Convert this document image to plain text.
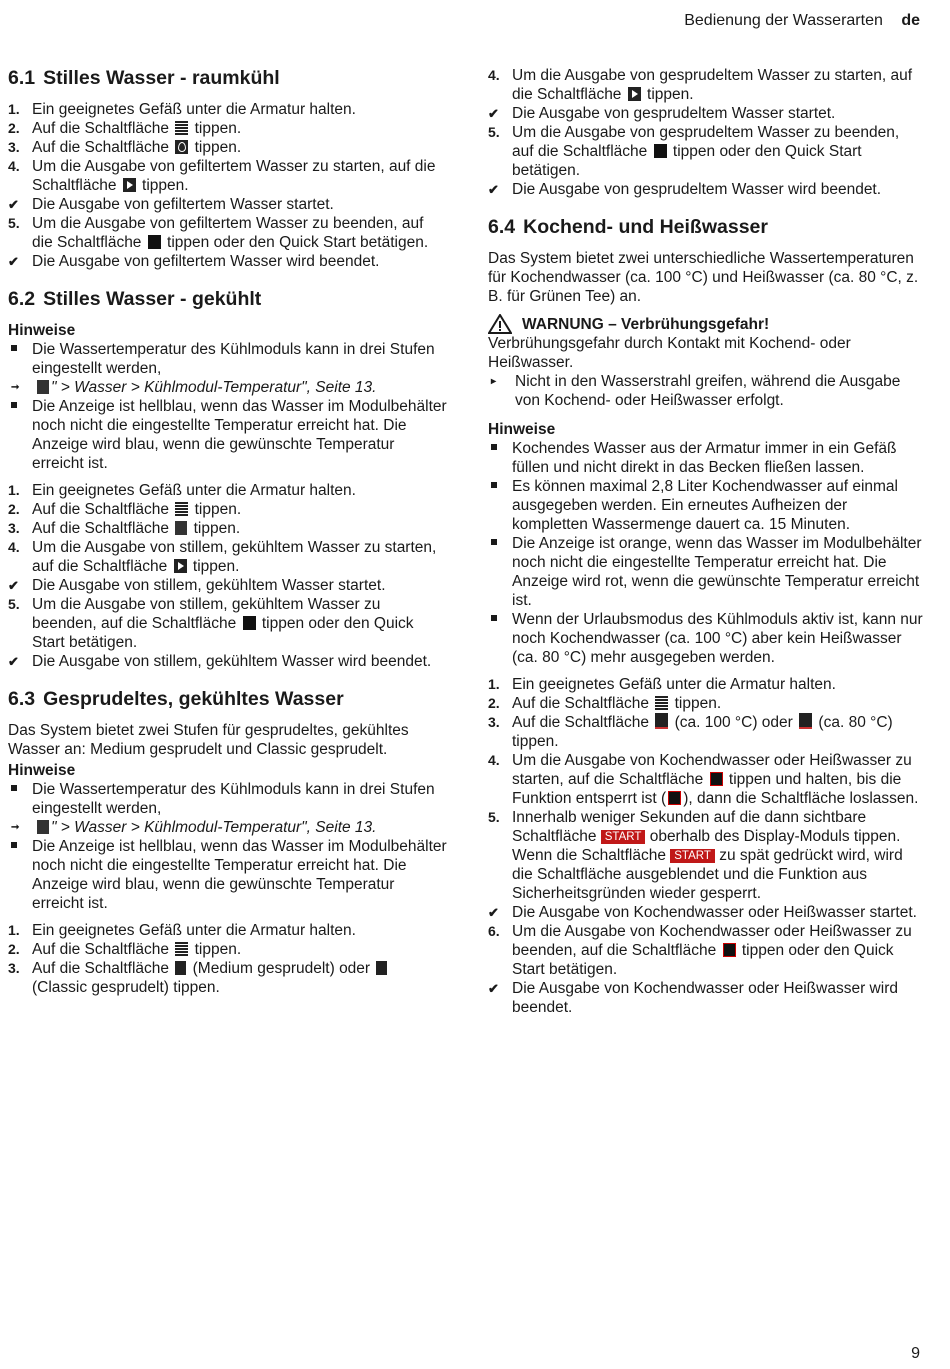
Bedienung der Wasserarten de
6.1 Stilles Wasser - raumkühl
1. Ein geeignetes Gefäß unter die Armatur halten.
2. Auf die Schaltfläche  tippen.
3. Auf die Schaltfläche  tippen.
4. Um die Ausgabe von gefiltertem Wasser zu starten, auf die Schaltfläche  tippen.
✔ Die Ausgabe von gefiltertem Wasser startet.
5. Um die Ausgabe von gefiltertem Wasser zu beenden, auf die Schaltfläche  tippen oder den Quick Start betätigen.
✔ Die Ausgabe von gefiltertem Wasser wird beendet.
6.2 Stilles Wasser - gekühlt
Hinweise
Die Wassertemperatur des Kühlmoduls kann in drei Stufen eingestellt werden,
➞	" > Wasser > Kühlmodul-Temperatur", Seite 13.
Die Anzeige ist hellblau, wenn das Wasser im Modulbehälter noch nicht die eingestellte Temperatur erreicht hat. Die Anzeige wird blau, wenn die gewünschte Temperatur erreicht ist.
1. Ein geeignetes Gefäß unter die Armatur halten.
2. Auf die Schaltfläche  tippen.
3. Auf die Schaltfläche  tippen.
4. Um die Ausgabe von stillem, gekühltem Wasser zu starten, auf die Schaltfläche  tippen.
✔ Die Ausgabe von stillem, gekühltem Wasser startet.
5. Um die Ausgabe von stillem, gekühltem Wasser zu beenden, auf die Schaltfläche  tippen oder den Quick Start betätigen.
✔ Die Ausgabe von stillem, gekühltem Wasser wird beendet.
6.3 Gesprudeltes, gekühltes Wasser

Das System bietet zwei Stufen für gesprudeltes, gekühltes Wasser an: Medium gesprudelt und Classic gesprudelt.

Hinweise
Die Wassertemperatur des Kühlmoduls kann in drei Stufen eingestellt werden,
➞	" > Wasser > Kühlmodul-Temperatur", Seite 13.
Die Anzeige ist hellblau, wenn das Wasser im Modulbehälter noch nicht die eingestellte Temperatur erreicht hat. Die Anzeige wird blau, wenn die gewünschte Temperatur erreicht ist.
1. Ein geeignetes Gefäß unter die Armatur halten.
2. Auf die Schaltfläche  tippen.
3. Auf die Schaltfläche  (Medium gesprudelt) oder  (Classic gesprudelt) tippen.
4. Um die Ausgabe von gesprudeltem Wasser zu starten, auf die Schaltfläche  tippen.
✔ Die Ausgabe von gesprudeltem Wasser startet.
5. Um die Ausgabe von gesprudeltem Wasser zu beenden, auf die Schaltfläche  tippen oder den Quick Start betätigen.
✔ Die Ausgabe von gesprudeltem Wasser wird beendet.
6.4 Kochend- und Heißwasser

Das System bietet zwei unterschiedliche Wassertemperaturen für Kochendwasser (ca. 100 °C) und Heißwasser (ca. 80 °C, z. B. für Grünen Tee) an.

WARNUNG – Verbrühungsgefahr!

Verbrühungsgefahr durch Kontakt mit Kochend- oder Heißwasser.

▸	Nicht in den Wasserstrahl greifen, während die Ausgabe von Kochend- oder Heißwasser erfolgt.
Hinweise
Kochendes Wasser aus der Armatur immer in ein Gefäß füllen und nicht direkt in das Becken fließen lassen.
Es können maximal 2,8 Liter Kochendwasser auf einmal ausgegeben werden. Ein erneutes Aufheizen der kompletten Wassermenge dauert ca. 15 Minuten.
Die Anzeige ist orange, wenn das Wasser im Modulbehälter noch nicht die eingestellte Temperatur erreicht hat. Die Anzeige wird rot, wenn die gewünschte Temperatur erreicht ist.
Wenn der Urlaubsmodus des Kühlmoduls aktiv ist, kann nur noch Kochendwasser (ca. 100 °C) aber kein Heißwasser (ca. 80 °C) mehr ausgegeben werden.
1. Ein geeignetes Gefäß unter die Armatur halten.
2. Auf die Schaltfläche  tippen.
3. Auf die Schaltfläche  (ca. 100 °C) oder  (ca. 80 °C) tippen.
4. Um die Ausgabe von Kochendwasser oder Heißwasser zu starten, auf die Schaltfläche  tippen und halten, bis die Funktion entsperrt ist ( ), dann die Schaltfläche loslassen.
5. Innerhalb weniger Sekunden auf die dann sichtbare Schaltfläche START oberhalb des Display-Moduls tippen.
Wenn die Schaltfläche START zu spät gedrückt wird, wird die Schaltfläche ausgeblendet und die Funktion aus Sicherheitsgründen wieder gesperrt.
✔ Die Ausgabe von Kochendwasser oder Heißwasser startet.
6. Um die Ausgabe von Kochendwasser oder Heißwasser zu beenden, auf die Schaltfläche  tippen oder den Quick Start betätigen.
✔ Die Ausgabe von Kochendwasser oder Heißwasser wird beendet.
9
